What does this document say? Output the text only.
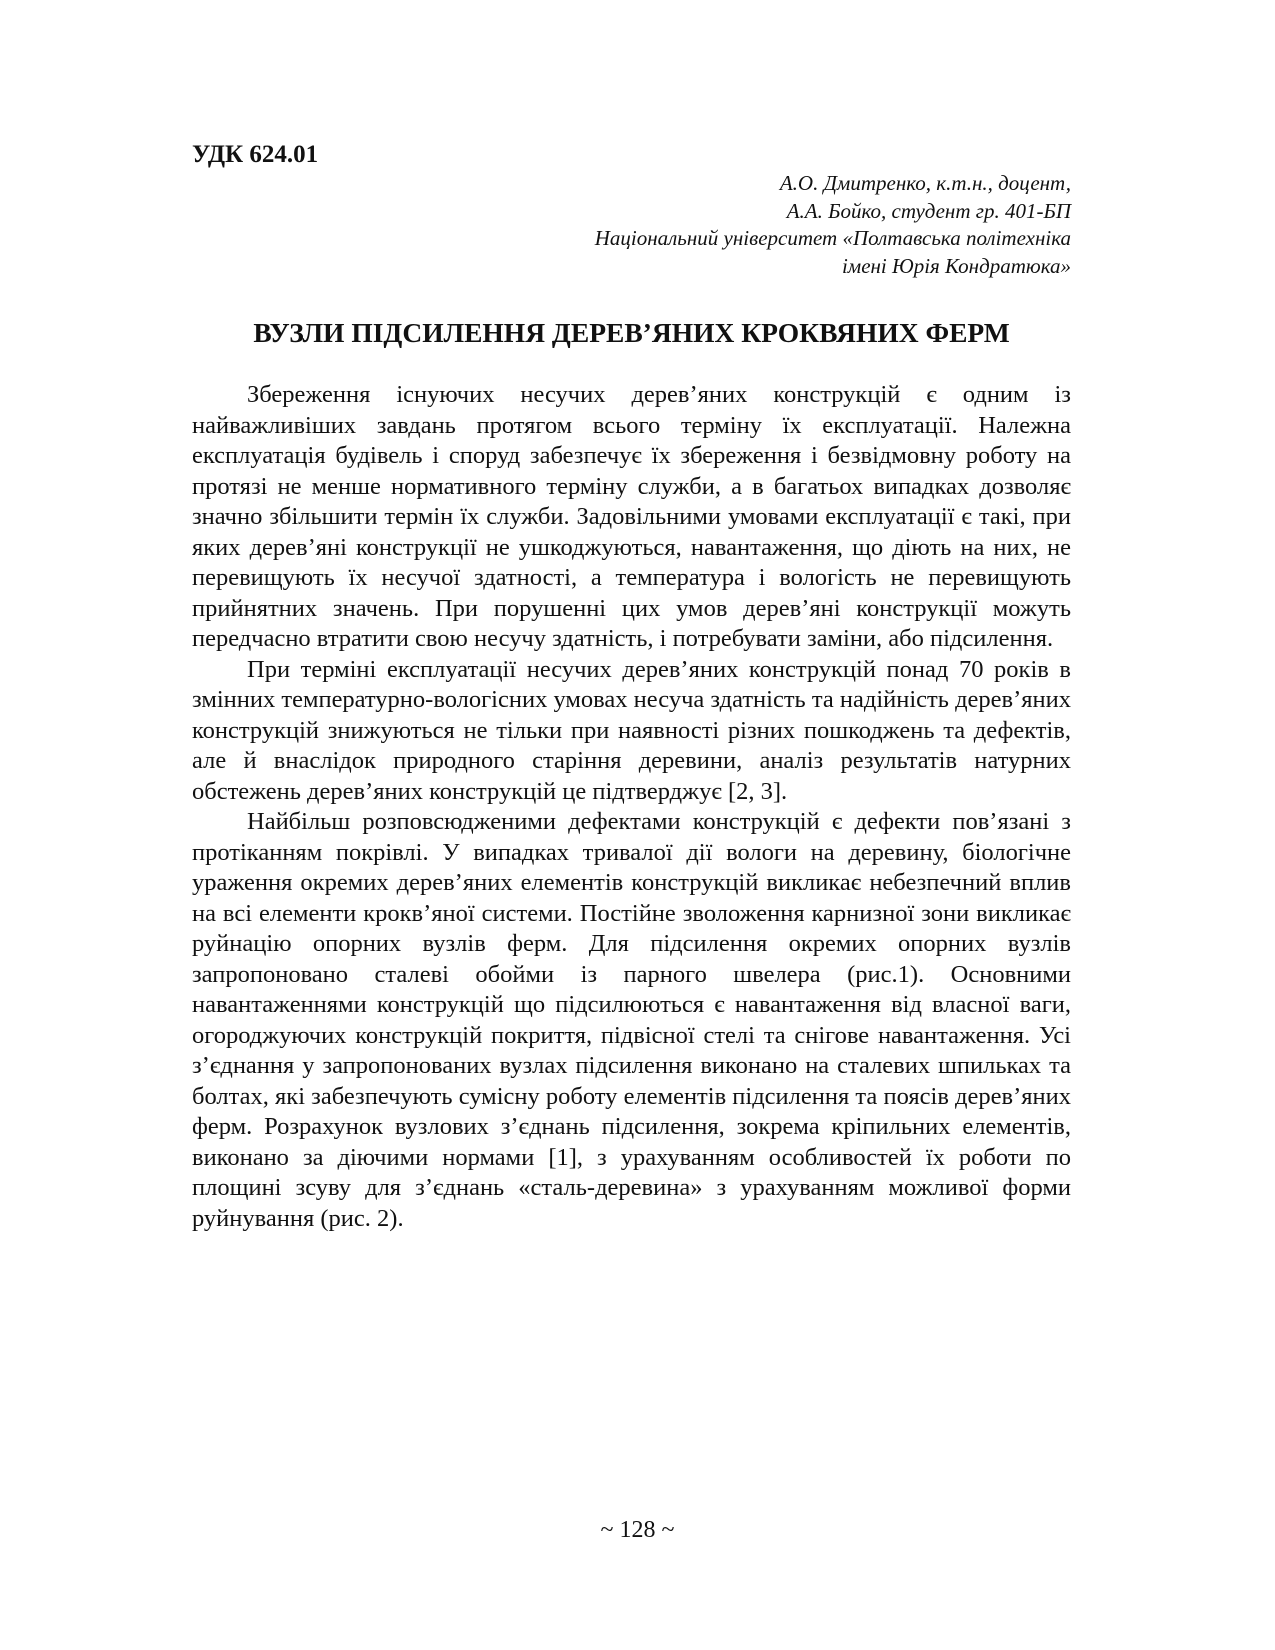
УДК 624.01
А.О. Дмитренко, к.т.н., доцент,
А.А. Бойко, студент гр. 401-БП
Національний університет «Полтавська політехніка
імені Юрія Кондратюка»
ВУЗЛИ ПІДСИЛЕННЯ ДЕРЕВ’ЯНИХ КРОКВЯНИХ ФЕРМ

Збереження існуючих несучих дерев’яних конструкцій є одним із найважливіших завдань протягом всього терміну їх експлуатації. Належна експлуатація будівель і споруд забезпечує їх збереження і безвідмовну роботу на протязі не менше нормативного терміну служби, а в багатьох випадках дозволяє значно збільшити термін їх служби. Задовільними умовами експлуатації є такі, при яких дерев’яні конструкції не ушкоджуються, навантаження, що діють на них, не перевищують їх несучої здатності, а температура і вологість не перевищують прийнятних значень. При порушенні цих умов дерев’яні конструкції можуть передчасно втратити свою несучу здатність, і потребувати заміни, або підсилення.

При терміні експлуатації несучих дерев’яних конструкцій понад 70 років в змінних температурно-вологісних умовах несуча здатність та надійність дерев’яних конструкцій знижуються не тільки при наявності різних пошкоджень та дефектів, але й внаслідок природного старіння деревини, аналіз результатів натурних обстежень дерев’яних конструкцій це підтверджує [2, 3].

Найбільш розповсюдженими дефектами конструкцій є дефекти пов’язані з протіканням покрівлі. У випадках тривалої дії вологи на деревину, біологічне ураження окремих дерев’яних елементів конструкцій викликає небезпечний вплив на всі елементи крокв’яної системи. Постійне зволоження карнизної зони викликає руйнацію опорних вузлів ферм. Для підсилення окремих опорних вузлів запропоновано сталеві обойми із парного швелера (рис.1). Основними навантаженнями конструкцій що підсилюються є навантаження від власної ваги, огороджуючих конструкцій покриття, підвісної стелі та снігове навантаження. Усі з’єднання у запропонованих вузлах підсилення виконано на сталевих шпильках та болтах, які забезпечують сумісну роботу елементів підсилення та поясів дерев’яних ферм. Розрахунок вузлових з’єднань підсилення, зокрема кріпильних елементів, виконано за діючими нормами [1], з урахуванням особливостей їх роботи по площині зсуву для з’єднань «сталь-деревина» з урахуванням можливої форми руйнування (рис. 2).

~ 128 ~
